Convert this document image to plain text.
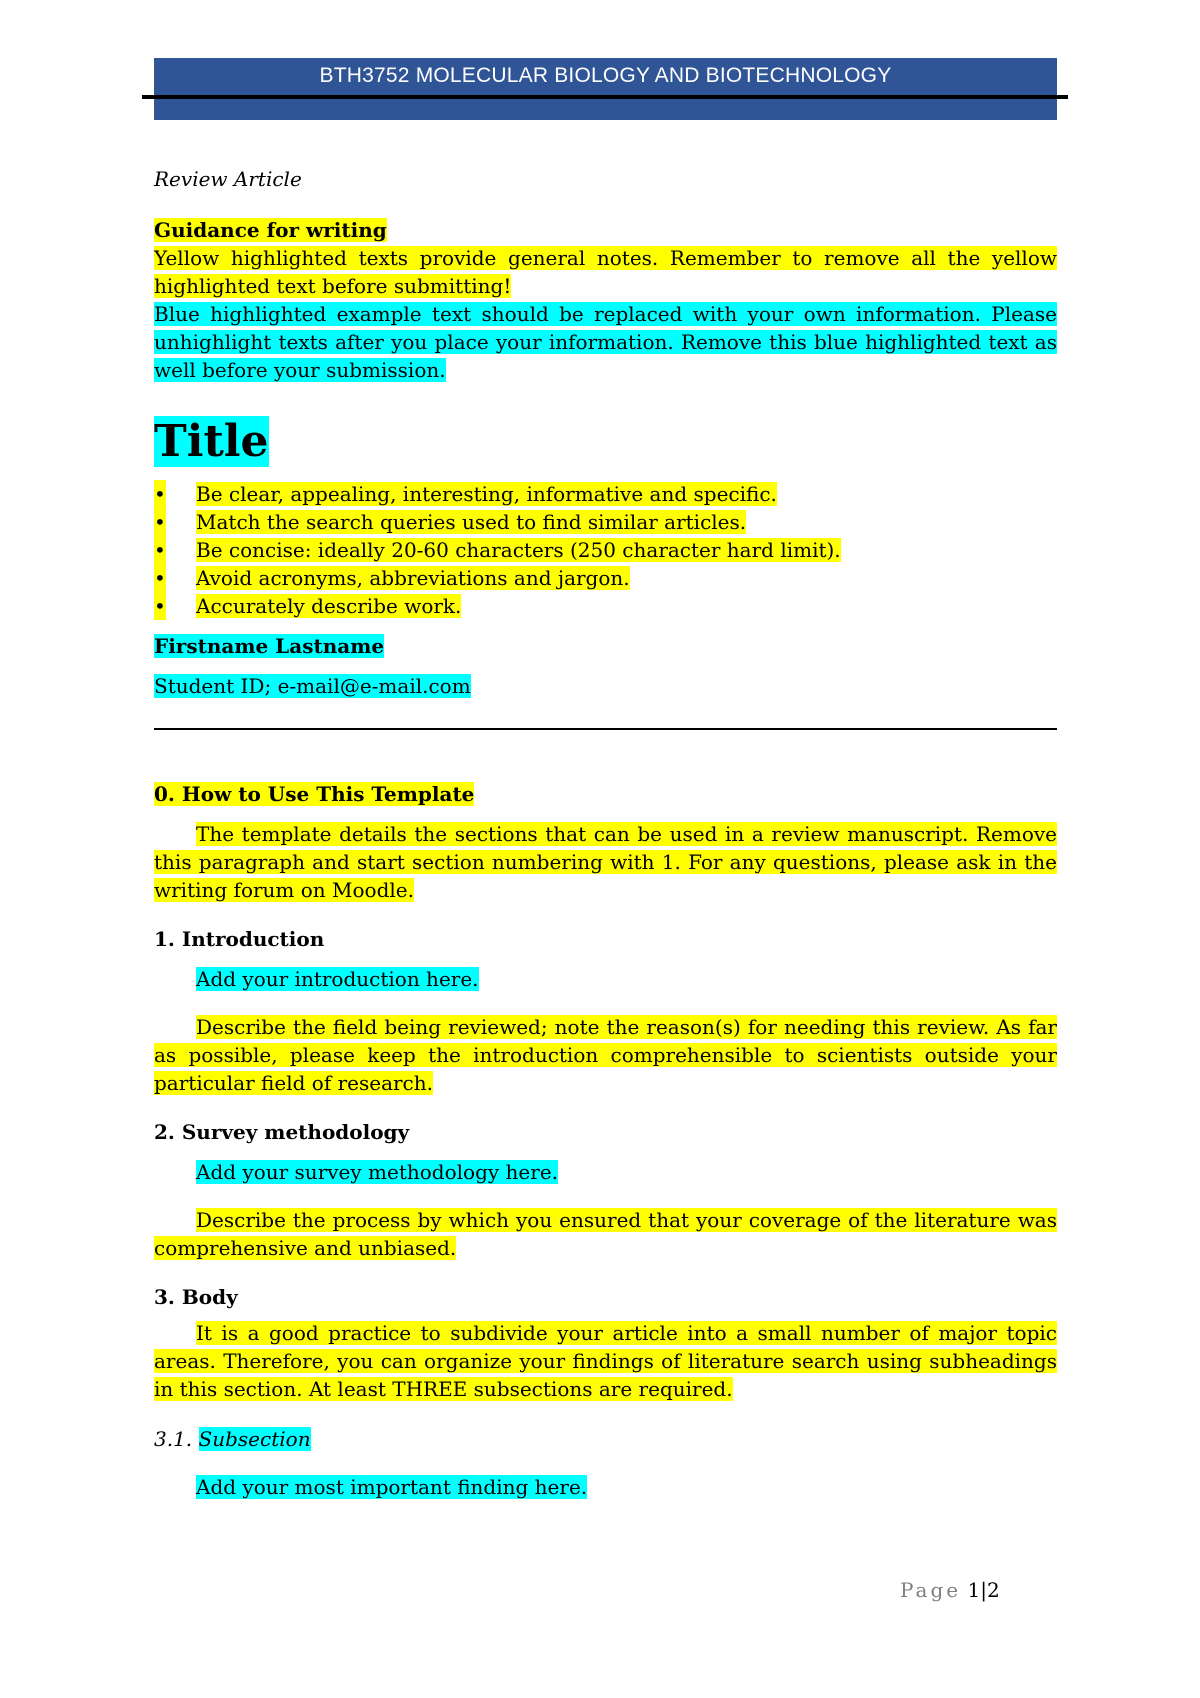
BTH3752 MOLECULAR BIOLOGY AND BIOTECHNOLOGY

Review Article

Guidance for writing

Yellow highlighted texts provide general notes. Remember to remove all the yellow highlighted text before submitting!

Blue highlighted example text should be replaced with your own information. Please unhighlight texts after you place your information. Remove this blue highlighted text as well before your submission.

Title
• Be clear, appealing, interesting, informative and specific.
• Match the search queries used to find similar articles.
• Be concise: ideally 20-60 characters (250 character hard limit).
• Avoid acronyms, abbreviations and jargon.
• Accurately describe work.

Firstname Lastname

Student ID; e-mail@e-mail.com

0. How to Use This Template

The template details the sections that can be used in a review manuscript. Remove this paragraph and start section numbering with 1. For any questions, please ask in the writing forum on Moodle.

1. Introduction

Add your introduction here.

Describe the field being reviewed; note the reason(s) for needing this review. As far as possible, please keep the introduction comprehensible to scientists outside your particular field of research.

2. Survey methodology

Add your survey methodology here.

Describe the process by which you ensured that your coverage of the literature was comprehensive and unbiased.

3. Body

It is a good practice to subdivide your article into a small number of major topic areas. Therefore, you can organize your findings of literature search using subheadings in this section. At least THREE subsections are required.

3.1. Subsection

Add your most important finding here.

Page 1|2
